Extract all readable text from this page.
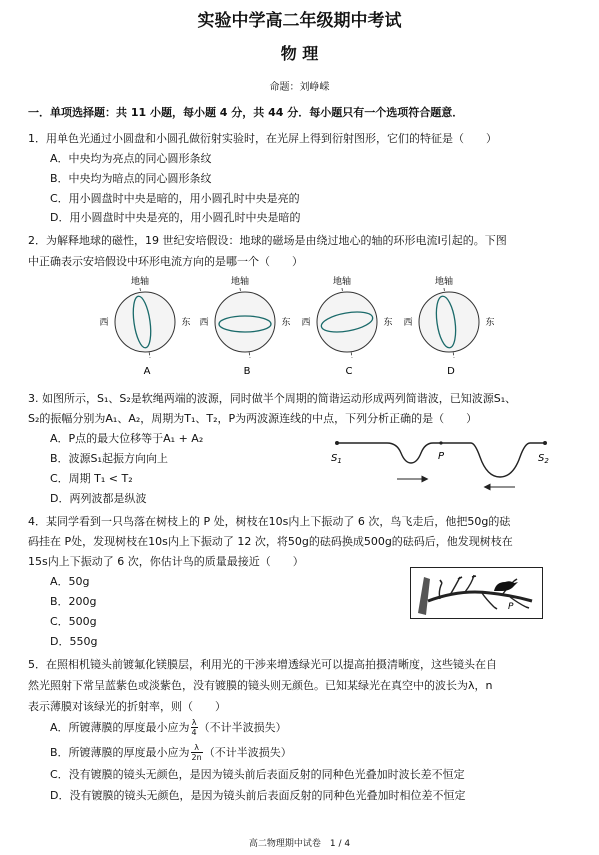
实验中学高二年级期中考试
物 理
命题：刘峥嵘
一．单项选择题：共 11 小题，每小题 4 分，共 44 分．每小题只有一个选项符合题意．
1．用单色光通过小圆盘和小圆孔做衍射实验时，在光屏上得到衍射图形，它们的特征是（　　）
A．中央均为亮点的同心圆形条纹
B．中央均为暗点的同心圆形条纹
C．用小圆盘时中央是暗的，用小圆孔时中央是亮的
D．用小圆盘时中央是亮的，用小圆孔时中央是暗的
2．为解释地球的磁性，19 世纪安培假设：地球的磁场是由绕过地心的轴的环形电流I引起的。下图
中正确表示安培假设中环形电流方向的是哪一个（　　）
地轴
西	东
A
地轴
西	东
B
地轴
西	东
C
地轴
西	东
D
3. 如图所示，S₁、S₂是软绳两端的波源，同时做半个周期的简谐运动形成两列简谐波，已知波源S₁、
S₂的振幅分别为A₁、A₂，周期为T₁、T₂，P为两波源连线的中点，下列分析正确的是（　　）
A．P点的最大位移等于A₁ + A₂
B．波源S₁起振方向向上
C．周期 T₁ < T₂
D．两列波都是纵波
$S_1$	P	$S_2$
4．某同学看到一只鸟落在树枝上的 P 处，树枝在10s内上下振动了 6 次，鸟飞走后，他把50g的砝
码挂在 P处，发现树枝在10s内上下振动了 12 次，将50g的砝码换成500g的砝码后，他发现树枝在
15s内上下振动了 6 次，你估计鸟的质量最接近（　　）
A．50g
B．200g
C．500g
D．550g
P
5．在照相机镜头前镀氟化镁膜层，利用光的干涉来增透绿光可以提高拍摄清晰度，这些镜头在自
然光照射下常呈蓝紫色或淡紫色，没有镀膜的镜头则无颜色。已知某绿光在真空中的波长为λ，n
表示薄膜对该绿光的折射率，则（　　）
A．所镀薄膜的厚度最小应为 λ
4 （不计半波损失）
B．所镀薄膜的厚度最小应为 λ
2n （不计半波损失）
C．没有镀膜的镜头无颜色，是因为镜头前后表面反射的同种色光叠加时波长差不恒定
D．没有镀膜的镜头无颜色，是因为镜头前后表面反射的同种色光叠加时相位差不恒定
高二物理期中试卷　1 / 4
